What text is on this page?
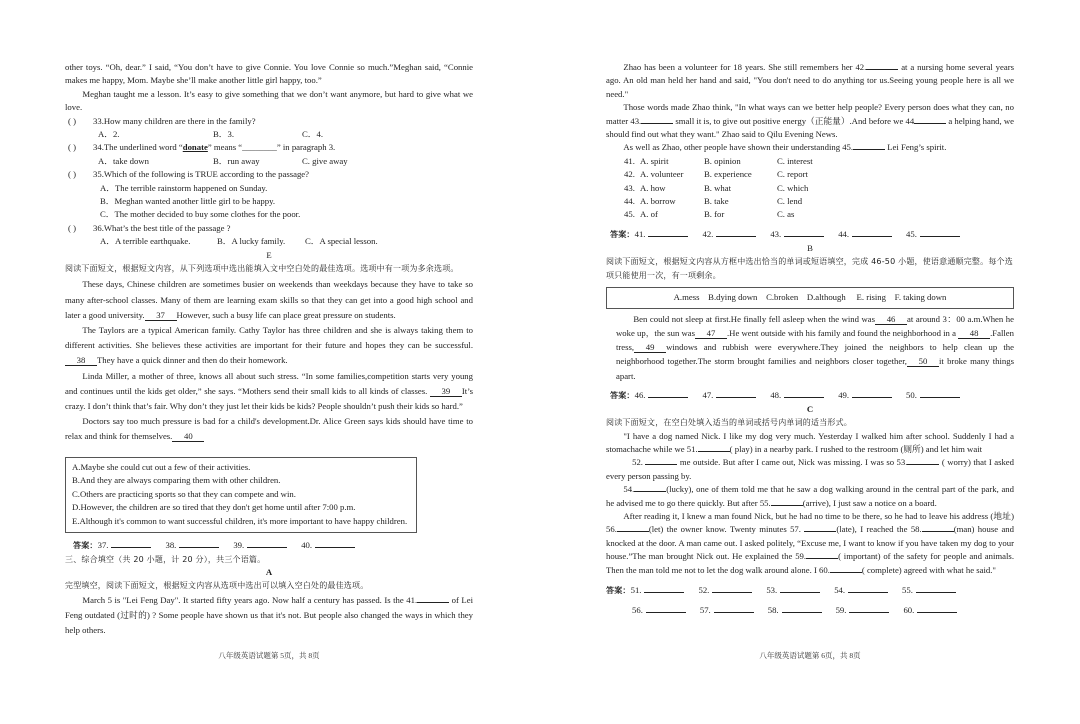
other toys. “Oh, dear.” I said, “You don’t have to give Connie. You love Connie so much.”Meghan said, “Connie makes me happy, Mom. Maybe she’ll make another little girl happy, too.”
Meghan taught me a lesson. It’s easy to give something that we don’t want anymore, but hard to give what we love.
( ) 33.How many children are there in the family?
A．2.	B．3.	C．4.
( ) 34.The underlined word “donate” means “________” in paragraph 3.
A．take down	B．run away	C. give away
( ) 35.Which of the following is TRUE according to the passage?
A．The terrible rainstorm happened on Sunday.
B．Meghan wanted another little girl to be happy.
C．The mother decided to buy some clothes for the poor.
( ) 36.What’s the best title of the passage ?
A．A terrible earthquake.	B．A lucky family. C．A special lesson.
E
阅读下面短文，根据短文内容，从下列选项中选出能填入文中空白处的最佳选项。选项中有一项为多余选项。
These days, Chinese children are sometimes busier on weekends than weekdays because they have to take so many after-school classes. Many of them are learning exam skills so that they can get into a good high school and later a good university. 37 However, such a busy life can place great pressure on students.
The Taylors are a typical American family. Cathy Taylor has three children and she is always taking them to different activities. She believes these activities are important for their future and hopes they can be successful. 38 They have a quick dinner and then do their homework.
Linda Miller, a mother of three, knows all about such stress. “In some families,competition starts very young and continues until the kids get older,” she says. “Mothers send their small kids to all kinds of classes. 39 It’s crazy. I don’t think that’s fair. Why don’t they just let their kids be kids? People shouldn’t push their kids so hard.”
Doctors say too much pressure is bad for a child's development.Dr. Alice Green says kids should have time to relax and think for themselves. 40
A.Maybe she could cut out a few of their activities.
B.And they are always comparing them with other children.
C.Others are practicing sports so that they can compete and win.
D.However, the children are so tired that they don't get home until after 7:00 p.m.
E.Although it's common to want successful children, it's more important to have happy children.
答案：37.	38.	39.	40.
三、综合填空（共 20 小题，计 20 分），共三个语篇。
A
完型填空，阅读下面短文，根据短文内容从选项中选出可以填入空白处的最佳选项。
March 5 is "Lei Feng Day". It started fifty years ago. Now half a century has passed. Is the 41.	of Lei Feng outdated (过时的) ? Some people have shown us that it's not. But people also changed the ways in which they help others.
八年级英语试题第 5页，共 8页
Zhao has been a volunteer for 18 years. She still remembers her 42.	at a nursing home several years ago. An old man held her hand and said, "You don't need to do anything tor us.Seeing young people here is all we need."
Those words made Zhao think, "In what ways can we better help people? Every person does what they can, no matter 43.	small it is, to give out positive energy（正能量）.And before we 44	a helping hand, we should find out what they want." Zhao said to Qilu Evening News.
As well as Zhao, other people have shown their understanding 45.	Lei Feng’s spirit.
41. A. spirit	B. opinion	C. interest
42. A. volunteer B. experience	C. report
43. A. how	B. what	C. which
44. A. borrow	B. take	C. lend
45. A. of	B. for	C. as
答案：41.	42.	43.	44.	45.
B
阅读下面短文，根据短文内容从方框中选出恰当的单词或短语填空，完成 46-50 小题，使语意通顺完整。每个选项只能使用一次，有一项剩余。
A.mess    B.dying down    C.broken    D.although     E. rising    F. taking down
Ben could not sleep at first.He finally fell asleep when the wind was 46 at around 3：00 a.m.When he woke up，the sun was 47 .He went outside with his family and found the neighborhood in a 48 .Fallen tress, 49 windows and rubbish were everywhere.They joined the neighbors to help clean up the neighborhood together.The storm brought families and neighbors closer together, 50 it broke many things apart.
答案：46.	47.	48.	49.	50.
C
阅读下面短文，在空白处填入适当的单词或括号内单词的适当形式。
"I have a dog named Nick. I like my dog very much. Yesterday I walked him after school. Suddenly I had a stomachache while we 51.	( play) in a nearby park. I rushed to the restroom (厕所) and let him wait
52.	me outside. But after I came out, Nick was missing. I was so 53.	( worry) that I asked every person passing by.
54.	(lucky), one of them told me that he saw a dog walking around in the central part of the park, and he advised me to go there quickly. But after 55.	(arrive), I just saw a notice on a board.
After reading it, I knew a man found Nick, but he had no time to be there, so he had to leave his address (地址) 56.	(let) the owner know. Twenty minutes 57.	(late), I reached the 58.	(man) house and knocked at the door. A man came out. I asked politely, “Excuse me, I want to know if you have taken my dog to your house.”The man brought Nick out. He explained the 59.	( important) of the safety for people and animals. Then the man told me not to let the dog walk around alone. I 60.	( complete) agreed with what he said."
答案：51.	52.	53.	54.	55.
56.	57.	58.	59.	60.
八年级英语试题第 6页，共 8页
